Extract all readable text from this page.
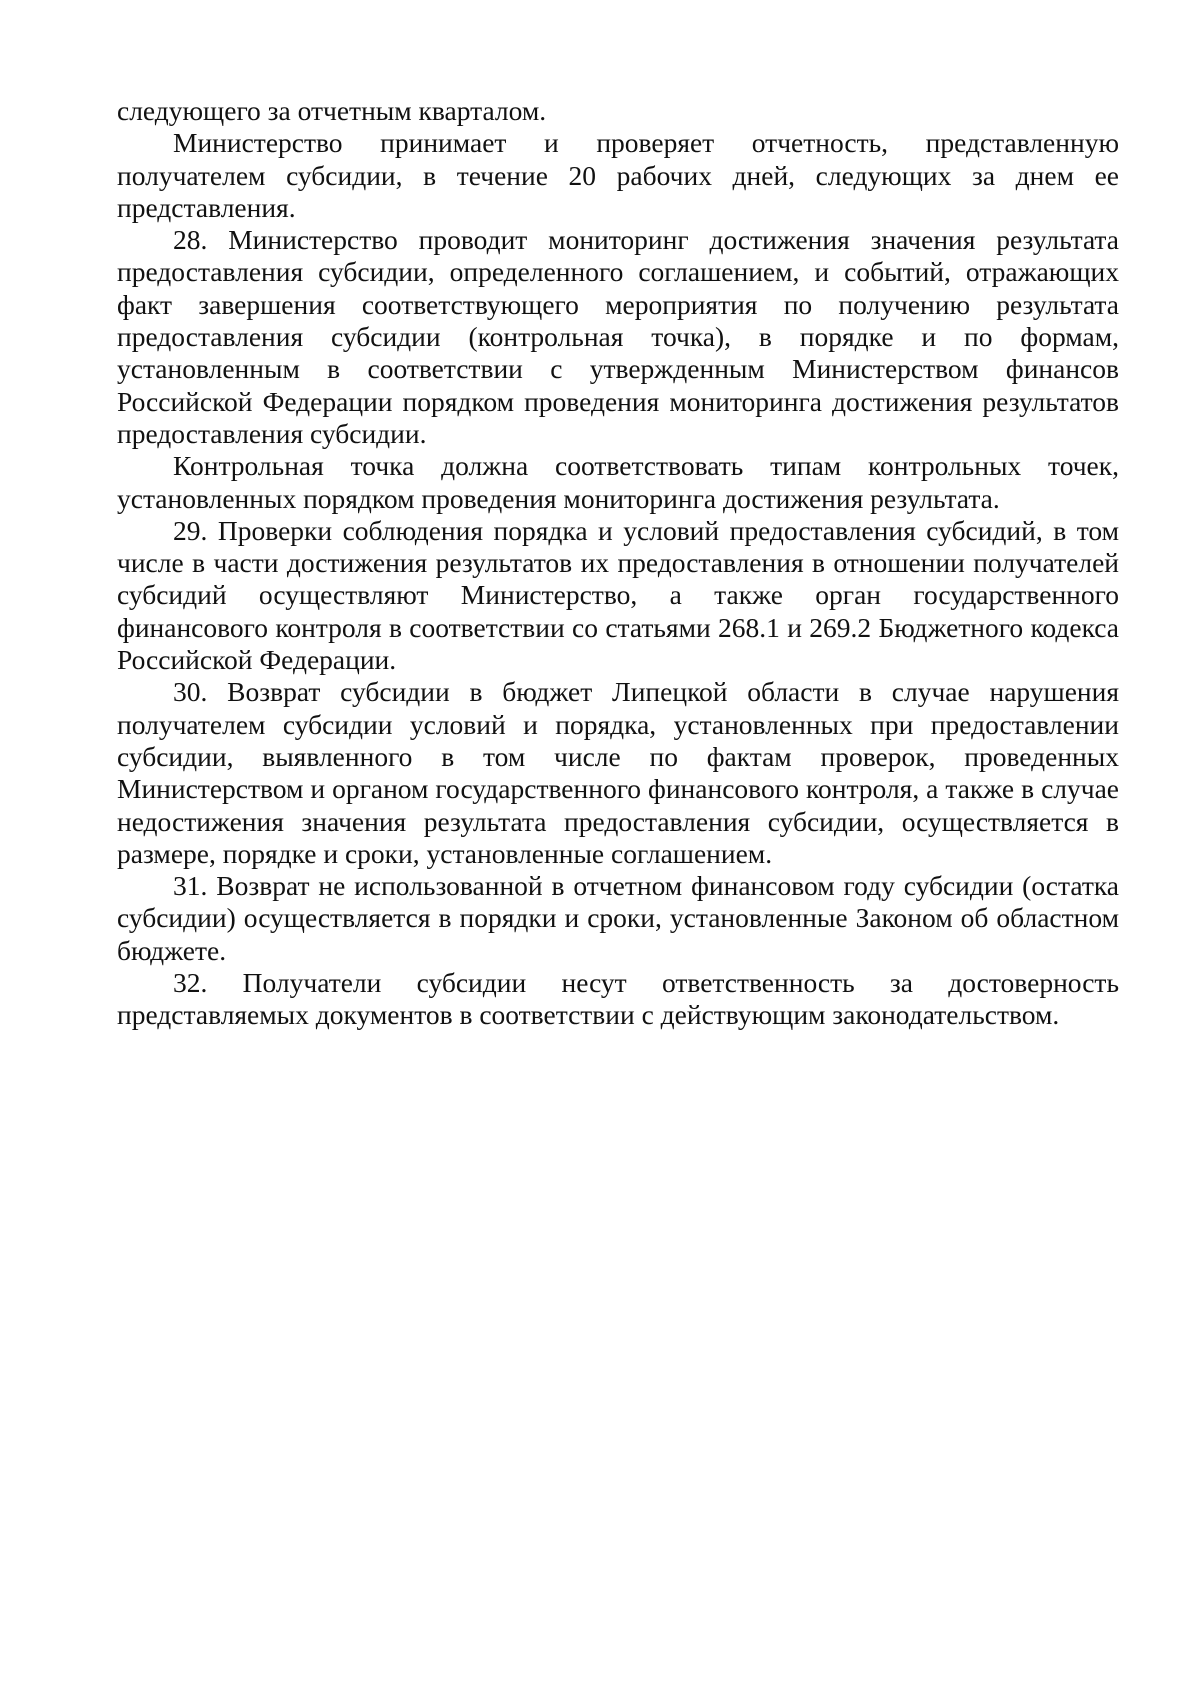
следующего за отчетным кварталом.

Министерство принимает и проверяет отчетность, представленную получателем субсидии, в течение 20 рабочих дней, следующих за днем ее представления.

28. Министерство проводит мониторинг достижения значения результата предоставления субсидии, определенного соглашением, и событий, отражающих факт завершения соответствующего мероприятия по получению результата предоставления субсидии (контрольная точка), в порядке и по формам, установленным в соответствии с утвержденным Министерством финансов Российской Федерации порядком проведения мониторинга достижения результатов предоставления субсидии.

Контрольная точка должна соответствовать типам контрольных точек, установленных порядком проведения мониторинга достижения результата.

29. Проверки соблюдения порядка и условий предоставления субсидий, в том числе в части достижения результатов их предоставления в отношении получателей субсидий осуществляют Министерство, а также орган государственного финансового контроля в соответствии со статьями 268.1 и 269.2 Бюджетного кодекса Российской Федерации.

30. Возврат субсидии в бюджет Липецкой области в случае нарушения получателем субсидии условий и порядка, установленных при предоставлении субсидии, выявленного в том числе по фактам проверок, проведенных Министерством и органом государственного финансового контроля, а также в случае недостижения значения результата предоставления субсидии, осуществляется в размере, порядке и сроки, установленные соглашением.

31. Возврат не использованной в отчетном финансовом году субсидии (остатка субсидии) осуществляется в порядки и сроки, установленные Законом об областном бюджете.

32. Получатели субсидии несут ответственность за достоверность представляемых документов в соответствии с действующим законодательством.
